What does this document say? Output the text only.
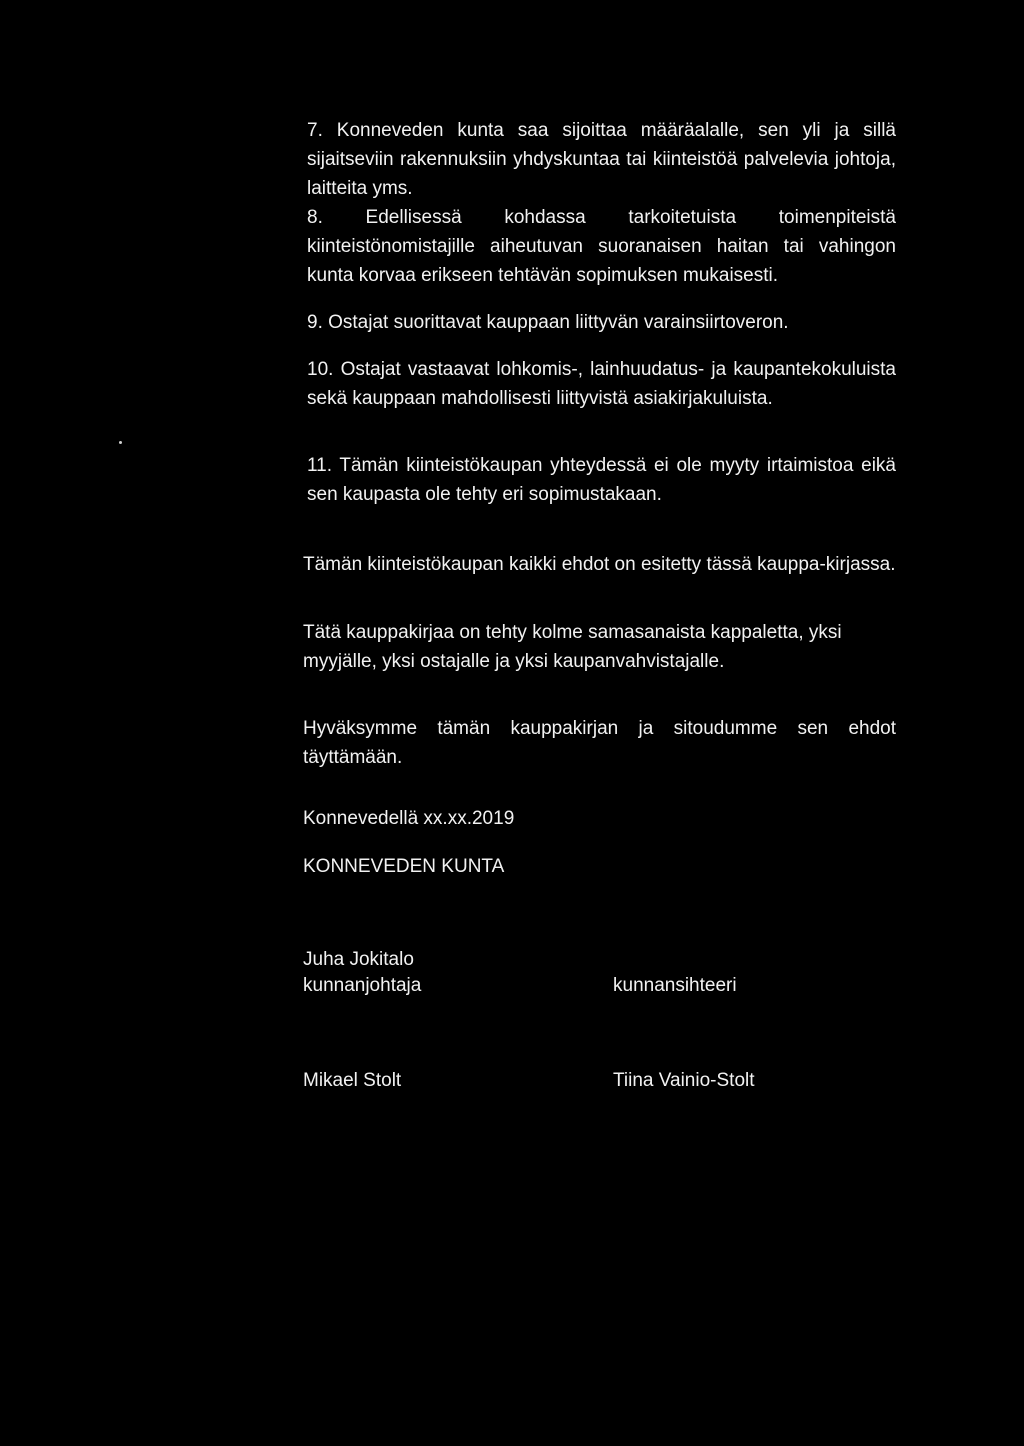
7. Konneveden kunta saa sijoittaa määräalalle, sen yli ja sillä sijaitseviin rakennuksiin yhdyskuntaa tai kiinteistöä palvelevia johtoja, laitteita yms.

8. Edellisessä kohdassa tarkoitetuista toimenpiteistä kiinteistönomistajille aiheutuvan suoranaisen haitan tai vahingon kunta korvaa erikseen tehtävän sopimuksen mukaisesti.

9. Ostajat suorittavat kauppaan liittyvän varainsiirtoveron.

10. Ostajat vastaavat lohkomis-, lainhuudatus- ja kaupantekokuluista sekä kauppaan mahdollisesti liittyvistä asiakirjakuluista.

11. Tämän kiinteistökaupan yhteydessä ei ole myyty irtaimistoa eikä sen kaupasta ole tehty eri sopimustakaan.

Tämän kiinteistökaupan kaikki ehdot on esitetty tässä kauppa-kirjassa.

Tätä kauppakirjaa on tehty kolme samasanaista kappaletta, yksi myyjälle, yksi ostajalle ja yksi kaupanvahvistajalle.

Hyväksymme tämän kauppakirjan ja sitoudumme sen ehdot täyttämään.

Konnevedellä xx.xx.2019
KONNEVEDEN KUNTA
Juha Jokitalo
kunnanjohtaja	kunnansihteeri
Mikael Stolt	Tiina Vainio-Stolt
